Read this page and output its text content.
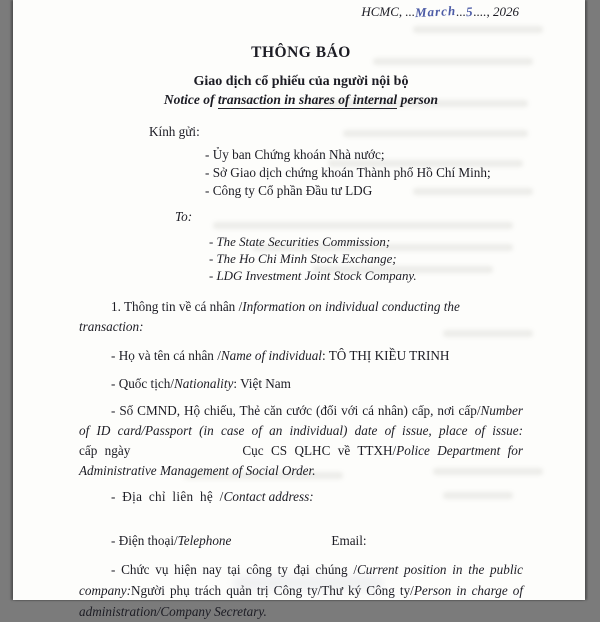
HCMC, ...March...5...., 2026
THÔNG BÁO
Giao dịch cổ phiếu của người nội bộ
Notice of transaction in shares of internal person
Kính gửi:
- Ủy ban Chứng khoán Nhà nước;
- Sở Giao dịch chứng khoán Thành phố Hồ Chí Minh;
- Công ty Cổ phần Đầu tư LDG
To:
- The State Securities Commission;
- The Ho Chi Minh Stock Exchange;
- LDG Investment Joint Stock Company.
1. Thông tin về cá nhân /Information on individual conducting the transaction:
- Họ và tên cá nhân /Name of individual: TÔ THỊ KIỀU TRINH
- Quốc tịch/Nationality: Việt Nam
- Số CMND, Hộ chiếu, Thẻ căn cước (đối với cá nhân) cấp, nơi cấp/Number of ID card/Passport (in case of an individual) date of issue, place of issue:
cấp ngày	Cục CS QLHC về TTXH/Police Department for Administrative Management of Social Order.
- Địa chỉ liên hệ /Contact address:
- Điện thoại/Telephone	Email:
- Chức vụ hiện nay tại công ty đại chúng /Current position in the public company:Người phụ trách quản trị Công ty/Thư ký Công ty/Person in charge of administration/Company Secretary.
